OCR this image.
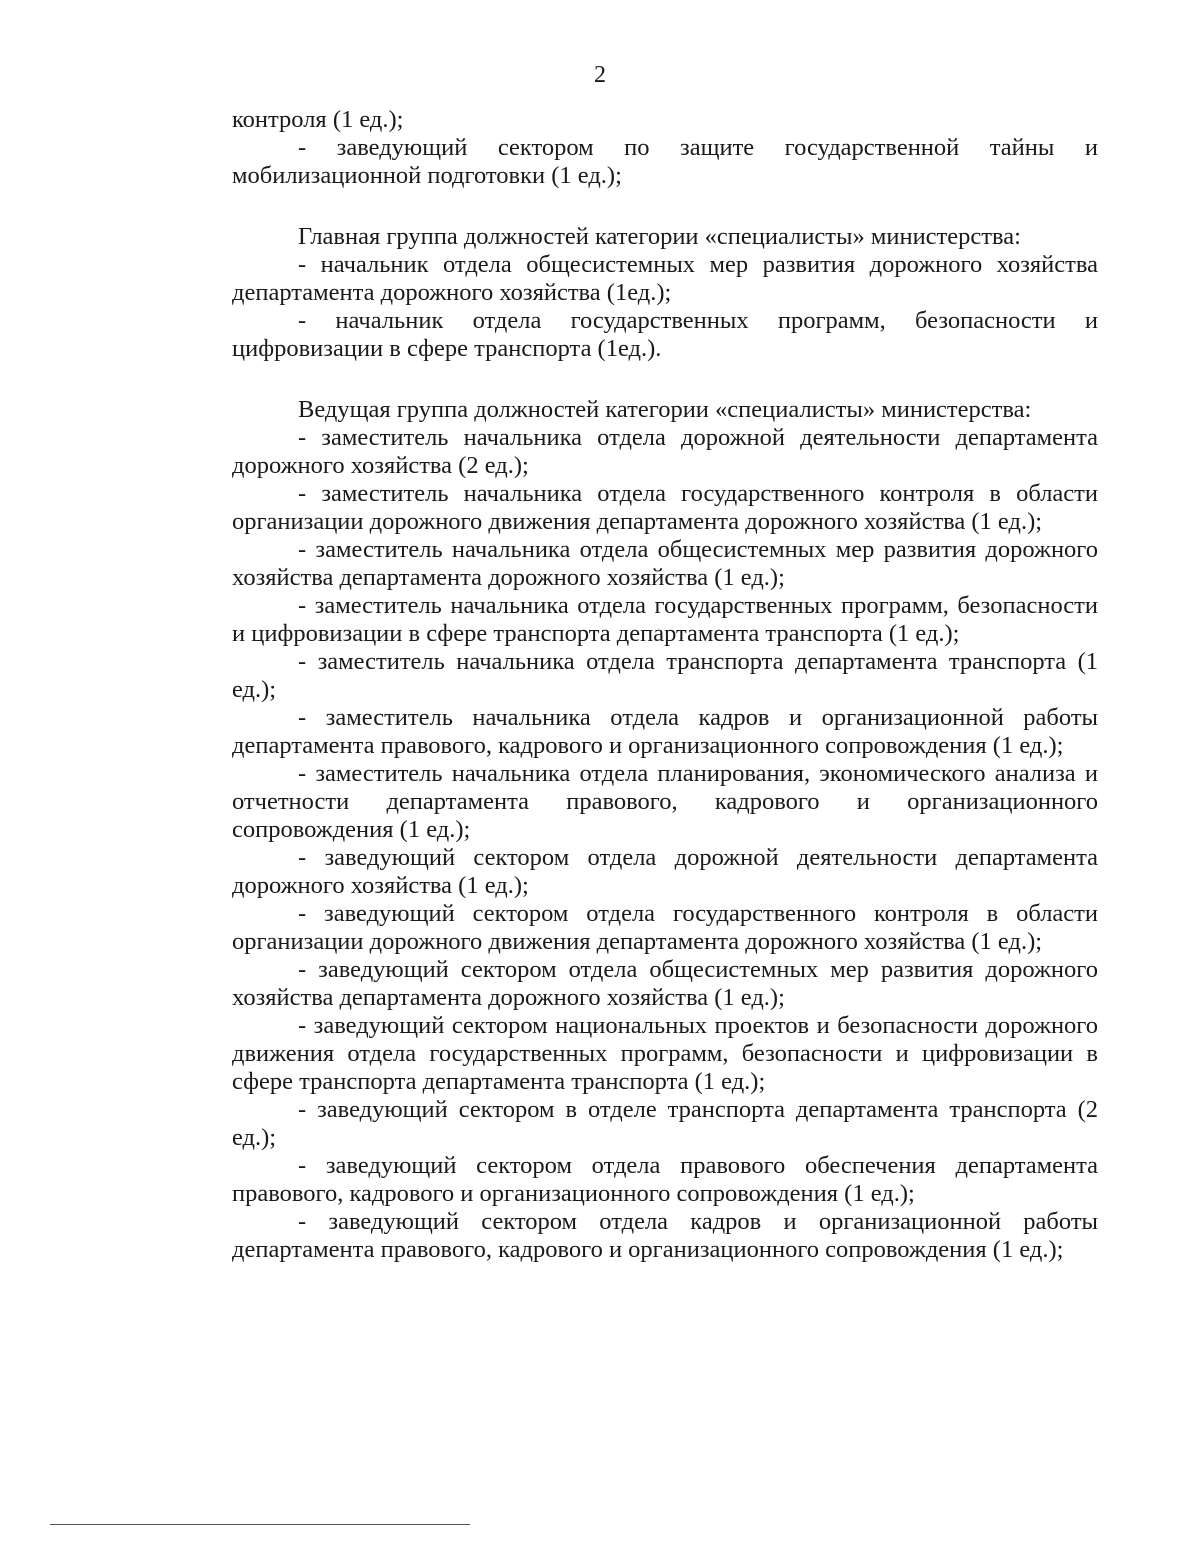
2

контроля (1 ед.);

- заведующий сектором по защите государственной тайны и мобилизационной подготовки (1 ед.);

Главная группа должностей категории «специалисты» министерства:

- начальник отдела общесистемных мер развития дорожного хозяйства департамента дорожного хозяйства (1ед.);

- начальник отдела государственных программ, безопасности и цифровизации в сфере транспорта (1ед.).

Ведущая группа должностей категории «специалисты» министерства:

- заместитель начальника отдела дорожной деятельности департамента дорожного хозяйства (2 ед.);

- заместитель начальника отдела государственного контроля в области организации дорожного движения департамента дорожного хозяйства (1 ед.);

- заместитель начальника отдела общесистемных мер развития дорожного хозяйства департамента дорожного хозяйства (1 ед.);

- заместитель начальника отдела государственных программ, безопасности и цифровизации в сфере транспорта департамента транспорта (1 ед.);

- заместитель начальника отдела транспорта департамента транспорта (1 ед.);

- заместитель начальника отдела кадров и организационной работы департамента правового, кадрового и организационного сопровождения (1 ед.);

- заместитель начальника отдела планирования, экономического анализа и отчетности департамента правового, кадрового и организационного сопровождения (1 ед.);

- заведующий сектором отдела дорожной деятельности департамента дорожного хозяйства (1 ед.);

- заведующий сектором отдела государственного контроля в области организации дорожного движения департамента дорожного хозяйства (1 ед.);

- заведующий сектором отдела общесистемных мер развития дорожного хозяйства департамента дорожного хозяйства (1 ед.);

- заведующий сектором национальных проектов и безопасности дорожного движения отдела государственных программ, безопасности и цифровизации в сфере транспорта департамента транспорта (1 ед.);

- заведующий сектором в отделе транспорта департамента транспорта (2 ед.);

- заведующий сектором отдела правового обеспечения департамента правового, кадрового и организационного сопровождения (1 ед.);

- заведующий сектором отдела кадров и организационной работы департамента правового, кадрового и организационного сопровождения (1 ед.);
